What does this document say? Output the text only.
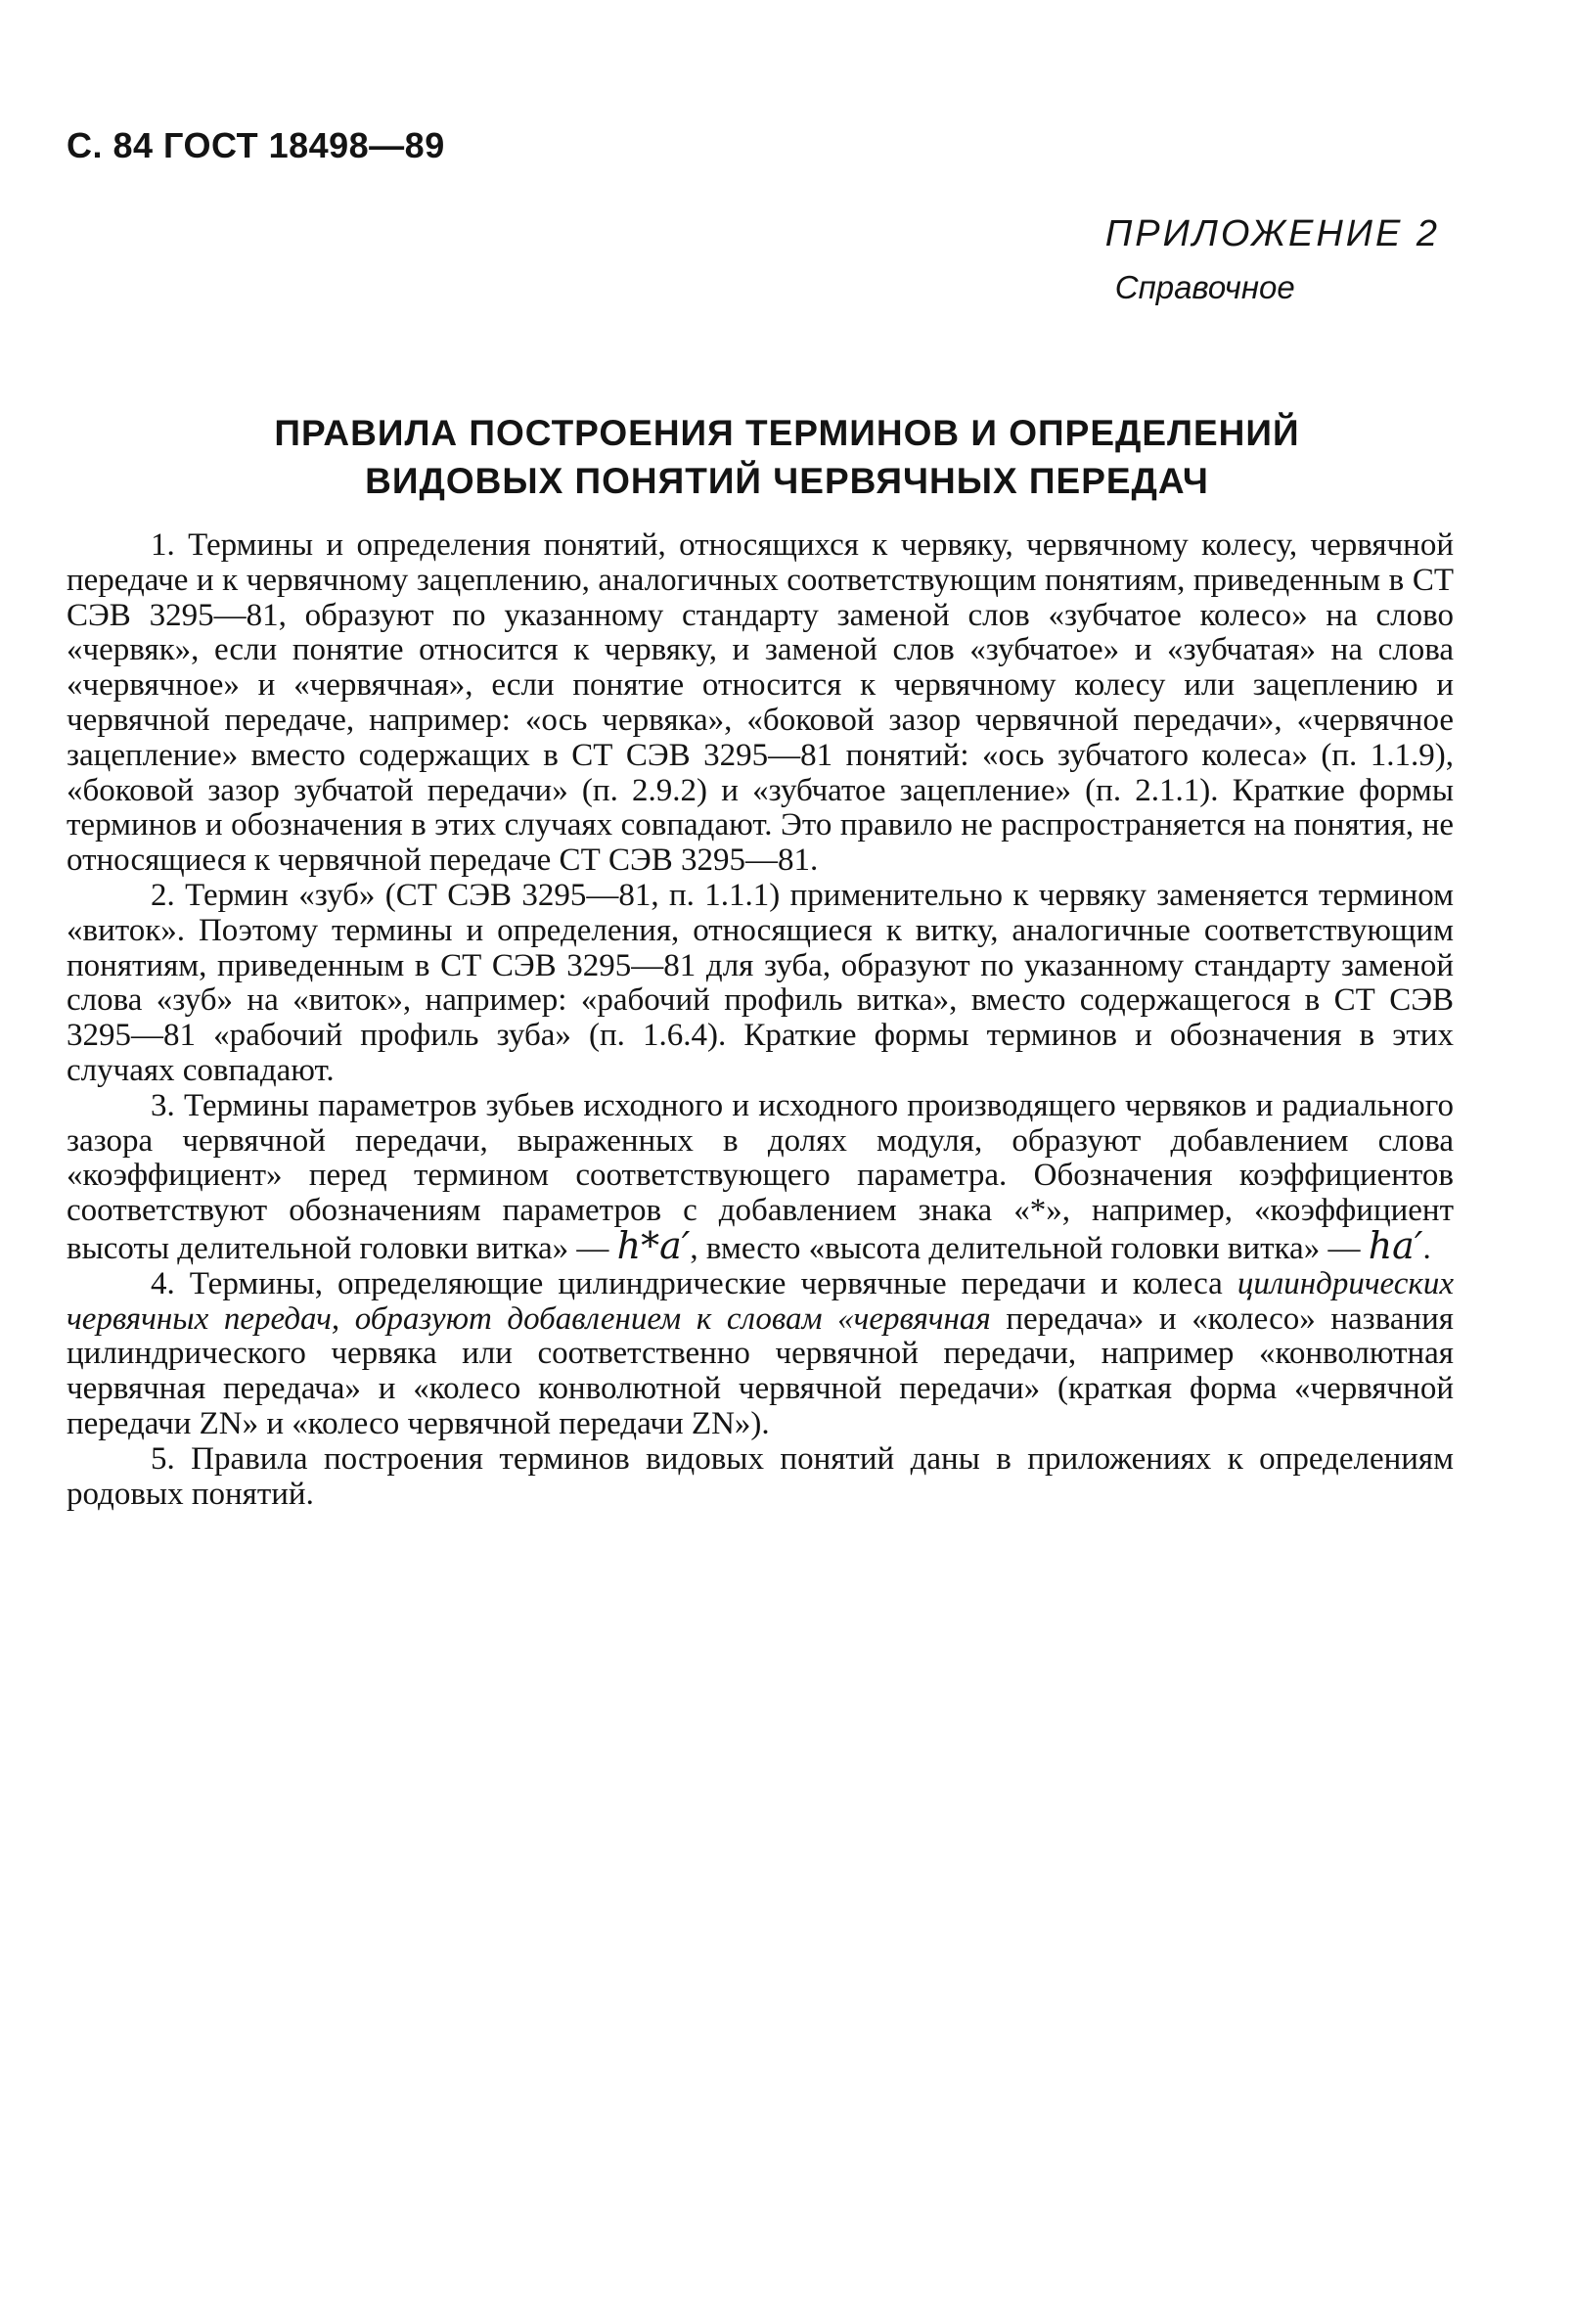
С. 84 ГОСТ 18498—89
ПРИЛОЖЕНИЕ 2
Справочное
ПРАВИЛА ПОСТРОЕНИЯ ТЕРМИНОВ И ОПРЕДЕЛЕНИЙ
ВИДОВЫХ ПОНЯТИЙ ЧЕРВЯЧНЫХ ПЕРЕДАЧ

1. Термины и определения понятий, относящихся к червяку, червячному колесу, червячной передаче и к червячному зацеплению, аналогичных соответствующим понятиям, приведенным в СТ СЭВ 3295—81, образуют по указанному стандарту заменой слов «зубчатое колесо» на слово «червяк», если понятие относится к червяку, и заменой слов «зубчатое» и «зубчатая» на слова «червячное» и «червячная», если понятие относится к червячному колесу или зацеплению и червячной передаче, например: «ось червяка», «боковой зазор червячной передачи», «червячное зацепление» вместо содержащих в СТ СЭВ 3295—81 понятий: «ось зубчатого колеса» (п. 1.1.9), «боковой зазор зубчатой передачи» (п. 2.9.2) и «зубчатое зацепление» (п. 2.1.1). Краткие формы терминов и обозначения в этих случаях совпадают. Это правило не распространяется на понятия, не относящиеся к червячной передаче СТ СЭВ 3295—81.

2. Термин «зуб» (СТ СЭВ 3295—81, п. 1.1.1) применительно к червяку заменяется термином «виток». Поэтому термины и определения, относящиеся к витку, аналогичные соответствующим понятиям, приведенным в СТ СЭВ 3295—81 для зуба, образуют по указанному стандарту заменой слова «зуб» на «виток», например: «рабочий профиль витка», вместо содержащегося в СТ СЭВ 3295—81 «рабочий профиль зуба» (п. 1.6.4). Краткие формы терминов и обозначения в этих случаях совпадают.

3. Термины параметров зубьев исходного и исходного производящего червяков и радиального зазора червячной передачи, выраженных в долях модуля, образуют добавлением слова «коэффициент» перед термином соответствующего параметра. Обозначения коэффициентов соответствуют обозначениям параметров с добавлением знака «*», например, «коэффициент высоты делительной головки витка» — h*a′, вместо «высота делительной головки витка» — ha′.

4. Термины, определяющие цилиндрические червячные передачи и колеса цилиндрических червячных передач, образуют добавлением к словам «червячная передача» и «колесо» названия цилиндрического червяка или соответственно червячной передачи, например «конволютная червячная передача» и «колесо конволютной червячной передачи» (краткая форма «червячной передачи ZN» и «колесо червячной передачи ZN»).

5. Правила построения терминов видовых понятий даны в приложениях к определениям родовых понятий.
